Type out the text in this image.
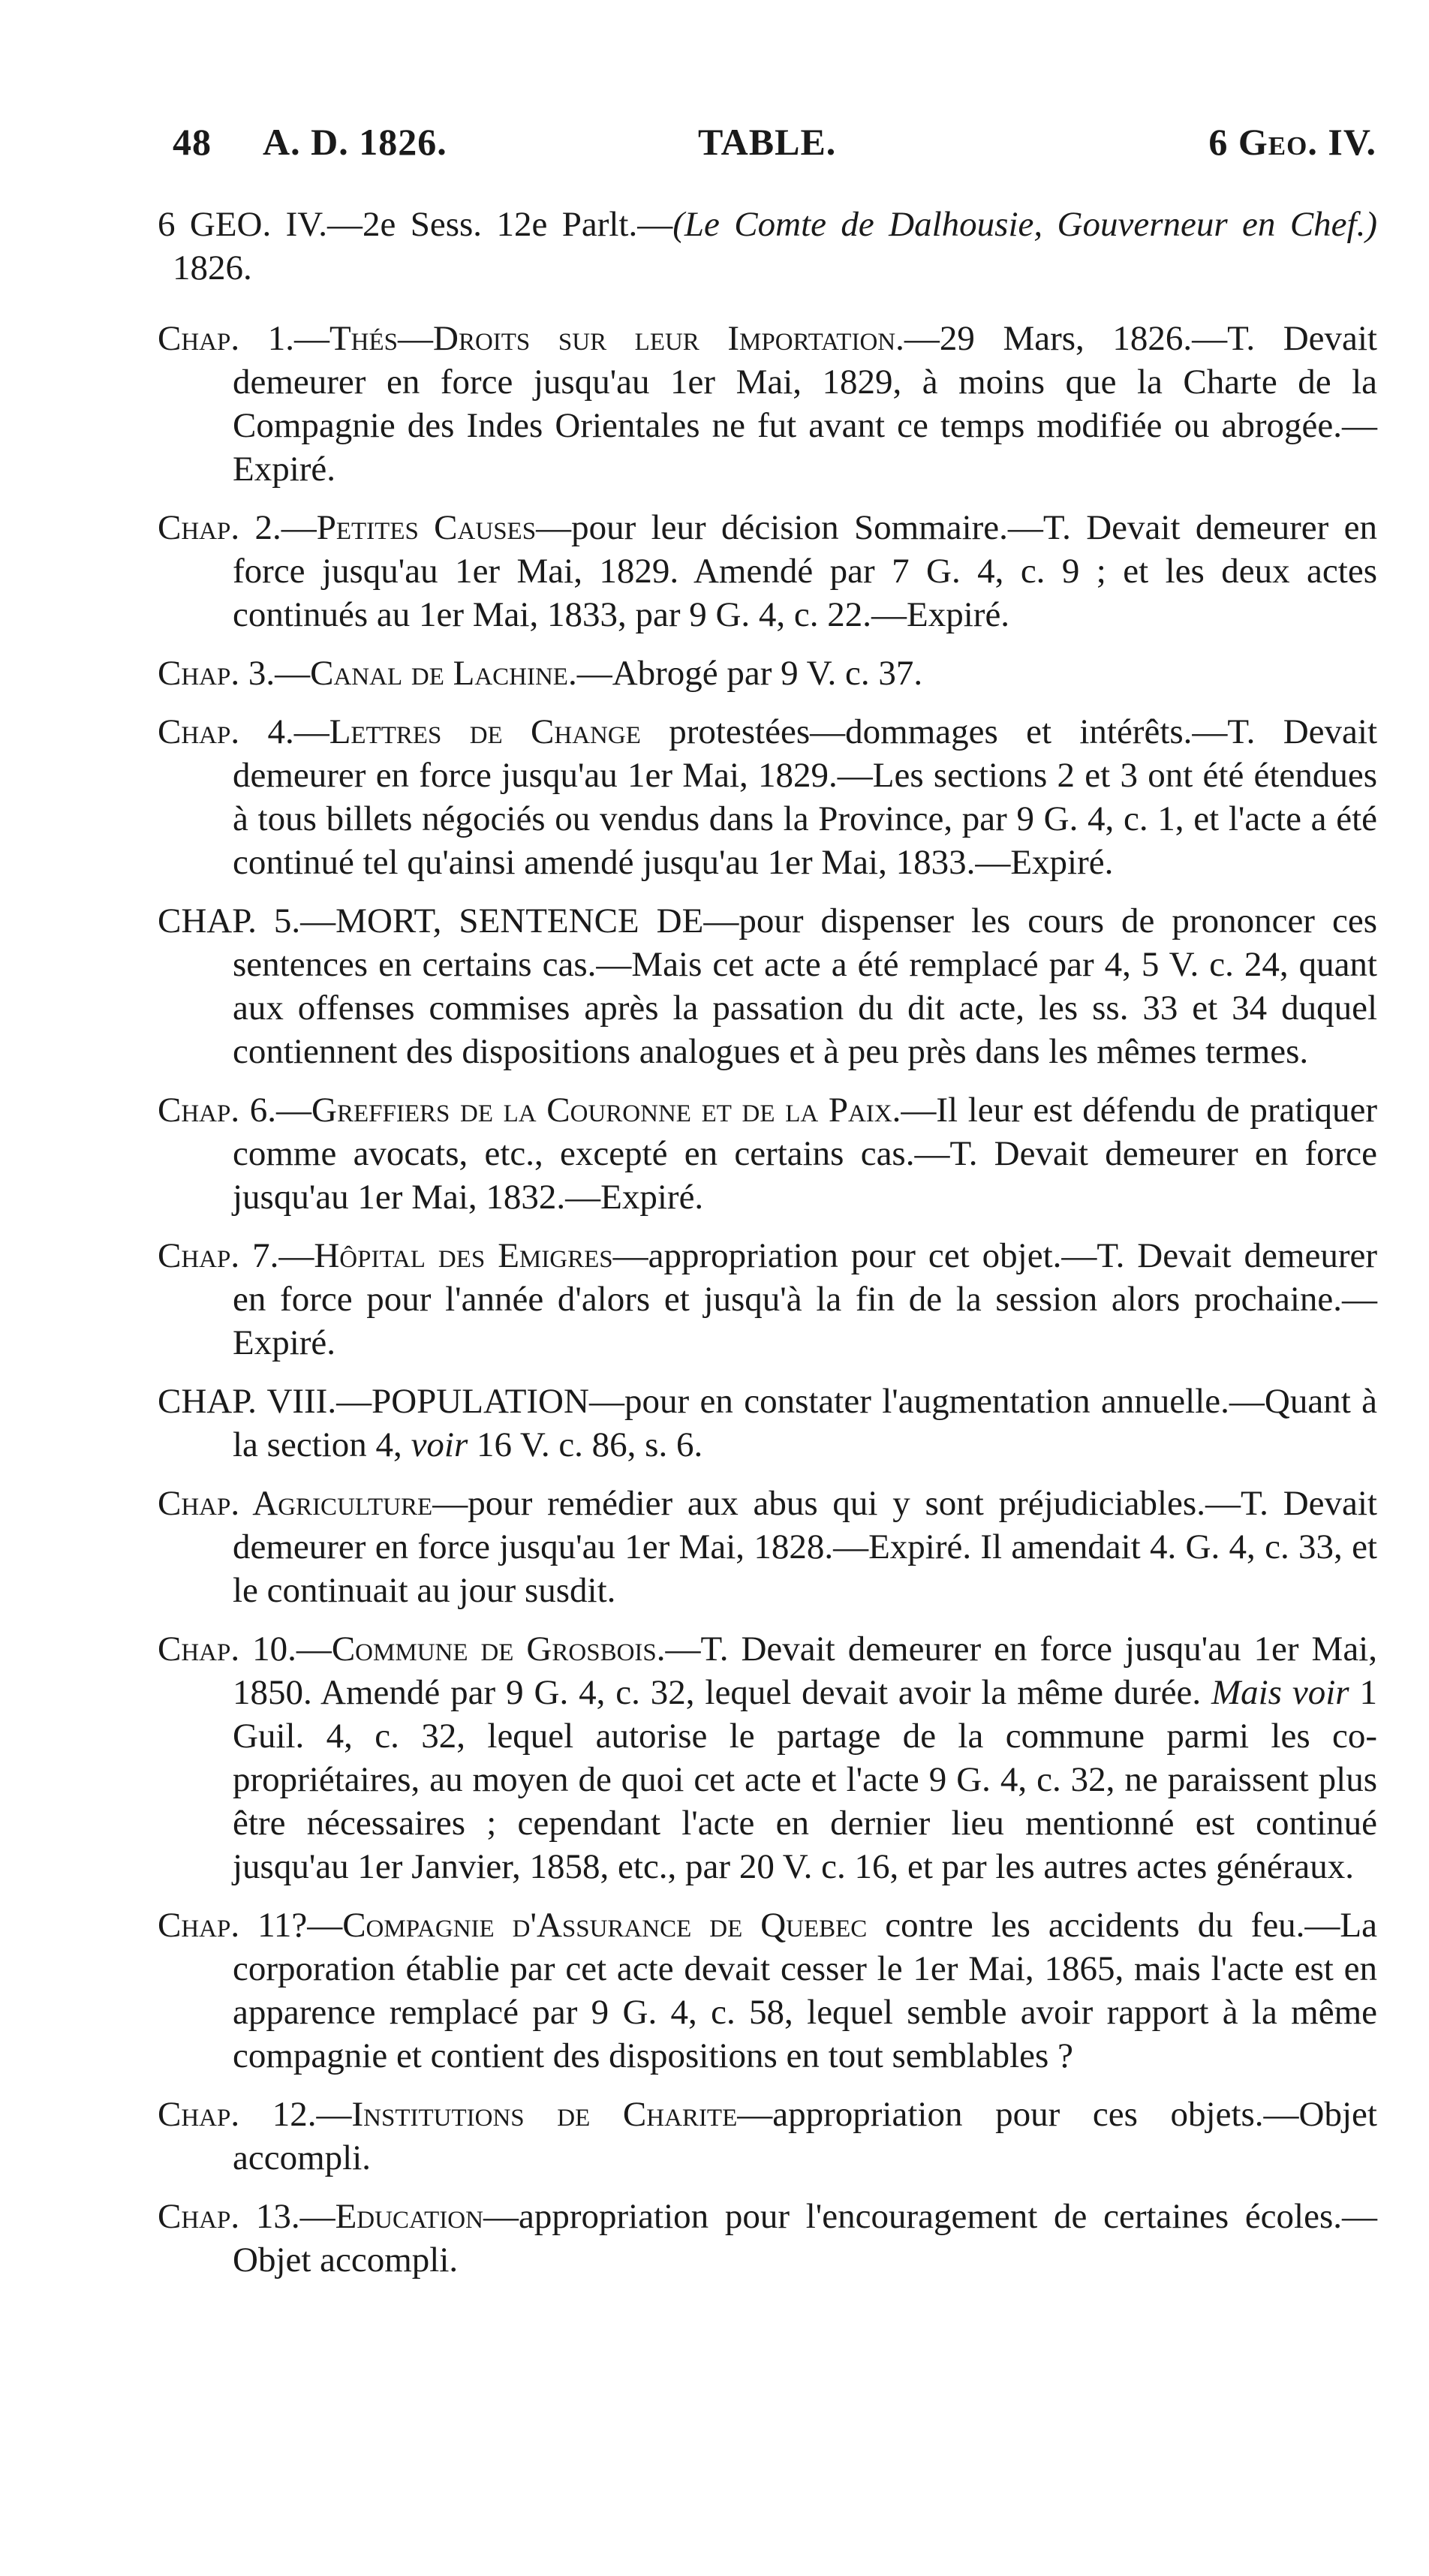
48 A. D. 1826.	TABLE.	6 Geo. IV.

6 GEO. IV.—2e Sess. 12e Parlt.—(Le Comte de Dalhousie, Gouverneur en Chef.) 1826.

Chap. 1.—Thés—Droits sur leur Importation.—29 Mars, 1826.—T. Devait demeurer en force jusqu'au 1er Mai, 1829, à moins que la Charte de la Compagnie des Indes Orientales ne fut avant ce temps modifiée ou abrogée.—Expiré.

Chap. 2.—Petites Causes—pour leur décision Sommaire.—T. Devait demeurer en force jusqu'au 1er Mai, 1829. Amendé par 7 G. 4, c. 9 ; et les deux actes continués au 1er Mai, 1833, par 9 G. 4, c. 22.—Expiré.

Chap. 3.—Canal de Lachine.—Abrogé par 9 V. c. 37.

Chap. 4.—Lettres de Change protestées—dommages et intérêts.—T. Devait demeurer en force jusqu'au 1er Mai, 1829.—Les sections 2 et 3 ont été étendues à tous billets négociés ou vendus dans la Province, par 9 G. 4, c. 1, et l'acte a été continué tel qu'ainsi amendé jusqu'au 1er Mai, 1833.—Expiré.

CHAP. 5.—MORT, SENTENCE DE—pour dispenser les cours de prononcer ces sentences en certains cas.—Mais cet acte a été remplacé par 4, 5 V. c. 24, quant aux offenses commises après la passation du dit acte, les ss. 33 et 34 duquel contiennent des dispositions analogues et à peu près dans les mêmes termes.

Chap. 6.—Greffiers de la Couronne et de la Paix.—Il leur est défendu de pratiquer comme avocats, etc., excepté en certains cas.—T. Devait demeurer en force jusqu'au 1er Mai, 1832.—Expiré.

Chap. 7.—Hôpital des Emigres—appropriation pour cet objet.—T. Devait demeurer en force pour l'année d'alors et jusqu'à la fin de la session alors prochaine.—Expiré.

CHAP. VIII.—POPULATION—pour en constater l'augmentation annuelle.—Quant à la section 4, voir 16 V. c. 86, s. 6.

Chap. Agriculture—pour remédier aux abus qui y sont préjudiciables.—T. Devait demeurer en force jusqu'au 1er Mai, 1828.—Expiré. Il amendait 4. G. 4, c. 33, et le continuait au jour susdit.

Chap. 10.—Commune de Grosbois.—T. Devait demeurer en force jusqu'au 1er Mai, 1850. Amendé par 9 G. 4, c. 32, lequel devait avoir la même durée. Mais voir 1 Guil. 4, c. 32, lequel autorise le partage de la commune parmi les co-propriétaires, au moyen de quoi cet acte et l'acte 9 G. 4, c. 32, ne paraissent plus être nécessaires ; cependant l'acte en dernier lieu mentionné est continué jusqu'au 1er Janvier, 1858, etc., par 20 V. c. 16, et par les autres actes généraux.

Chap. 11?—Compagnie d'Assurance de Quebec contre les accidents du feu.—La corporation établie par cet acte devait cesser le 1er Mai, 1865, mais l'acte est en apparence remplacé par 9 G. 4, c. 58, lequel semble avoir rapport à la même compagnie et contient des dispositions en tout semblables ?

Chap. 12.—Institutions de Charite—appropriation pour ces objets.—Objet accompli.

Chap. 13.—Education—appropriation pour l'encouragement de certaines écoles.—Objet accompli.
